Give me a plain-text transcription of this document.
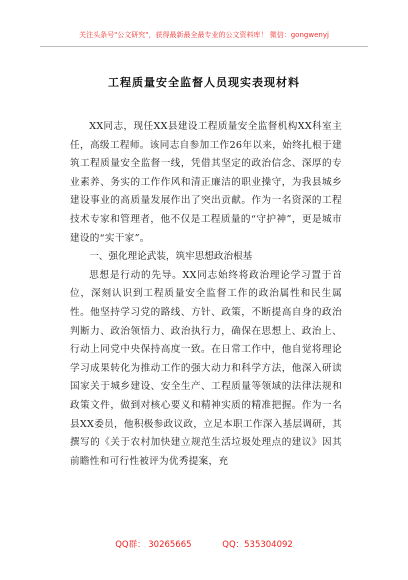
关注头条号"公文研究"，获得最新最全最专业的公文资料库！ 微信：gongwenyj
工程质量安全监督人员现实表现材料

XX同志，现任XX县建设工程质量安全监督机构XX科室主任，高级工程师。该同志自参加工作26年以来，始终扎根于建筑工程质量安全监督一线，凭借其坚定的政治信念、深厚的专业素养、务实的工作作风和清正廉洁的职业操守，为我县城乡建设事业的高质量发展作出了突出贡献。作为一名资深的工程技术专家和管理者，他不仅是工程质量的“守护神”，更是城市建设的“实干家”。

一、强化理论武装，筑牢思想政治根基

思想是行动的先导。XX同志始终将政治理论学习置于首位，深刻认识到工程质量安全监督工作的政治属性和民生属性。他坚持学习党的路线、方针、政策，不断提高自身的政治判断力、政治领悟力、政治执行力，确保在思想上、政治上、行动上同党中央保持高度一致。在日常工作中，他自觉将理论学习成果转化为推动工作的强大动力和科学方法，他深入研读国家关于城乡建设、安全生产、工程质量等领域的法律法规和政策文件，做到对核心要义和精神实质的精准把握。作为一名县XX委员，他积极参政议政，立足本职工作深入基层调研，其撰写的《关于农村加快建立规范生活垃圾处理点的建议》因其前瞻性和可行性被评为优秀提案，充

QQ群： 30265665	QQ：535304092
